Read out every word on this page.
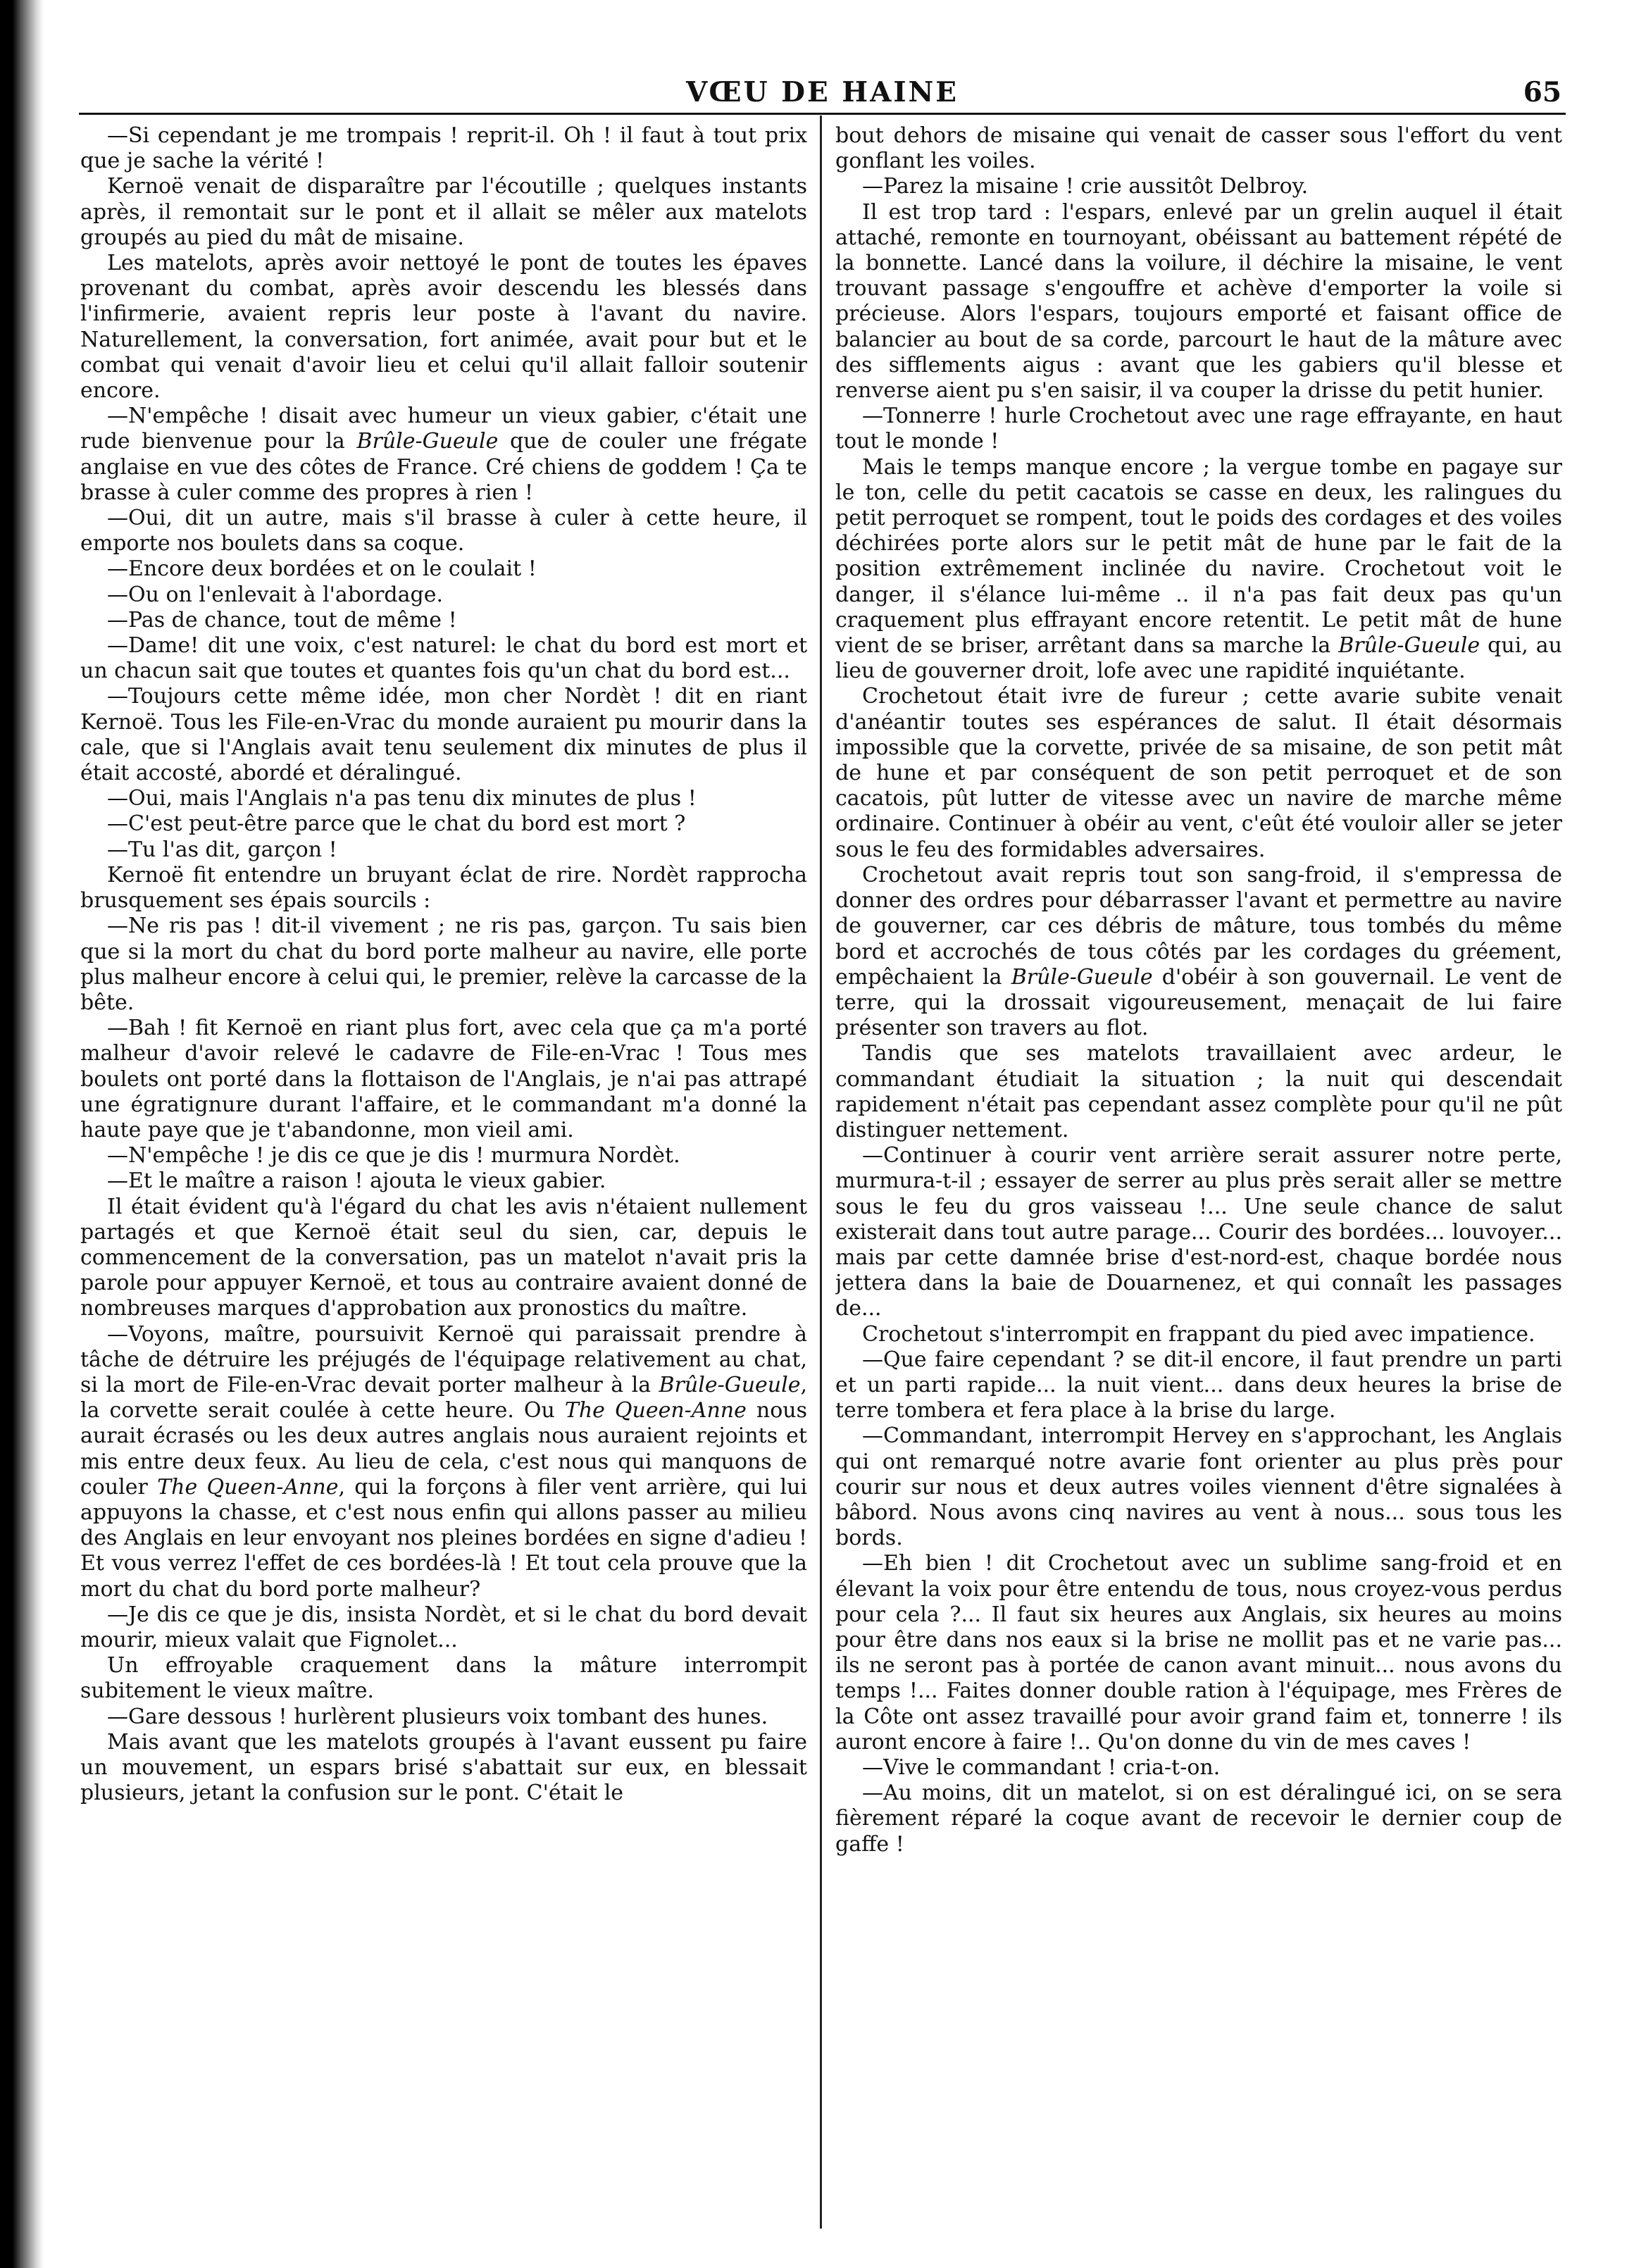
VŒU DE HAINE	65

—Si cependant je me trompais ! reprit-il. Oh ! il faut à tout prix que je sache la vérité !

Kernoë venait de disparaître par l'écoutille ; quelques instants après, il remontait sur le pont et il allait se mêler aux matelots groupés au pied du mât de misaine.

Les matelots, après avoir nettoyé le pont de toutes les épaves provenant du combat, après avoir descendu les blessés dans l'infirmerie, avaient repris leur poste à l'avant du navire. Naturellement, la conversation, fort animée, avait pour but et le combat qui venait d'avoir lieu et celui qu'il allait falloir soutenir encore.

—N'empêche ! disait avec humeur un vieux gabier, c'était une rude bienvenue pour la Brûle-Gueule que de couler une frégate anglaise en vue des côtes de France. Cré chiens de goddem ! Ça te brasse à culer comme des propres à rien !

—Oui, dit un autre, mais s'il brasse à culer à cette heure, il emporte nos boulets dans sa coque.

—Encore deux bordées et on le coulait !

—Ou on l'enlevait à l'abordage.

—Pas de chance, tout de même !

—Dame! dit une voix, c'est naturel: le chat du bord est mort et un chacun sait que toutes et quantes fois qu'un chat du bord est...

—Toujours cette même idée, mon cher Nordèt ! dit en riant Kernoë. Tous les File-en-Vrac du monde auraient pu mourir dans la cale, que si l'Anglais avait tenu seulement dix minutes de plus il était accosté, abordé et déralingué.

—Oui, mais l'Anglais n'a pas tenu dix minutes de plus !

—C'est peut-être parce que le chat du bord est mort ?

—Tu l'as dit, garçon !

Kernoë fit entendre un bruyant éclat de rire. Nordèt rapprocha brusquement ses épais sourcils :

—Ne ris pas ! dit-il vivement ; ne ris pas, garçon. Tu sais bien que si la mort du chat du bord porte malheur au navire, elle porte plus malheur encore à celui qui, le premier, relève la carcasse de la bête.

—Bah ! fit Kernoë en riant plus fort, avec cela que ça m'a porté malheur d'avoir relevé le cadavre de File-en-Vrac ! Tous mes boulets ont porté dans la flottaison de l'Anglais, je n'ai pas attrapé une égratignure durant l'affaire, et le commandant m'a donné la haute paye que je t'abandonne, mon vieil ami.

—N'empêche ! je dis ce que je dis ! murmura Nordèt.

—Et le maître a raison ! ajouta le vieux gabier.

Il était évident qu'à l'égard du chat les avis n'étaient nullement partagés et que Kernoë était seul du sien, car, depuis le commencement de la conversation, pas un matelot n'avait pris la parole pour appuyer Kernoë, et tous au contraire avaient donné de nombreuses marques d'approbation aux pronostics du maître.

—Voyons, maître, poursuivit Kernoë qui paraissait prendre à tâche de détruire les préjugés de l'équipage relativement au chat, si la mort de File-en-Vrac devait porter malheur à la Brûle-Gueule, la corvette serait coulée à cette heure. Ou The Queen-Anne nous aurait écrasés ou les deux autres anglais nous auraient rejoints et mis entre deux feux. Au lieu de cela, c'est nous qui manquons de couler The Queen-Anne, qui la forçons à filer vent arrière, qui lui appuyons la chasse, et c'est nous enfin qui allons passer au milieu des Anglais en leur envoyant nos pleines bordées en signe d'adieu ! Et vous verrez l'effet de ces bordées-là ! Et tout cela prouve que la mort du chat du bord porte malheur?

—Je dis ce que je dis, insista Nordèt, et si le chat du bord devait mourir, mieux valait que Fignolet...

Un effroyable craquement dans la mâture interrompit subitement le vieux maître.

—Gare dessous ! hurlèrent plusieurs voix tombant des hunes.

Mais avant que les matelots groupés à l'avant eussent pu faire un mouvement, un espars brisé s'abattait sur eux, en blessait plusieurs, jetant la confusion sur le pont. C'était le

bout dehors de misaine qui venait de casser sous l'effort du vent gonflant les voiles.

—Parez la misaine ! crie aussitôt Delbroy.

Il est trop tard : l'espars, enlevé par un grelin auquel il était attaché, remonte en tournoyant, obéissant au battement répété de la bonnette. Lancé dans la voilure, il déchire la misaine, le vent trouvant passage s'engouffre et achève d'emporter la voile si précieuse. Alors l'espars, toujours emporté et faisant office de balancier au bout de sa corde, parcourt le haut de la mâture avec des sifflements aigus : avant que les gabiers qu'il blesse et renverse aient pu s'en saisir, il va couper la drisse du petit hunier.

—Tonnerre ! hurle Crochetout avec une rage effrayante, en haut tout le monde !

Mais le temps manque encore ; la vergue tombe en pagaye sur le ton, celle du petit cacatois se casse en deux, les ralingues du petit perroquet se rompent, tout le poids des cordages et des voiles déchirées porte alors sur le petit mât de hune par le fait de la position extrêmement inclinée du navire. Crochetout voit le danger, il s'élance lui-même .. il n'a pas fait deux pas qu'un craquement plus effrayant encore retentit. Le petit mât de hune vient de se briser, arrêtant dans sa marche la Brûle-Gueule qui, au lieu de gouverner droit, lofe avec une rapidité inquiétante.

Crochetout était ivre de fureur ; cette avarie subite venait d'anéantir toutes ses espérances de salut. Il était désormais impossible que la corvette, privée de sa misaine, de son petit mât de hune et par conséquent de son petit perroquet et de son cacatois, pût lutter de vitesse avec un navire de marche même ordinaire. Continuer à obéir au vent, c'eût été vouloir aller se jeter sous le feu des formidables adversaires.

Crochetout avait repris tout son sang-froid, il s'empressa de donner des ordres pour débarrasser l'avant et permettre au navire de gouverner, car ces débris de mâture, tous tombés du même bord et accrochés de tous côtés par les cordages du gréement, empêchaient la Brûle-Gueule d'obéir à son gouvernail. Le vent de terre, qui la drossait vigoureusement, menaçait de lui faire présenter son travers au flot.

Tandis que ses matelots travaillaient avec ardeur, le commandant étudiait la situation ; la nuit qui descendait rapidement n'était pas cependant assez complète pour qu'il ne pût distinguer nettement.

—Continuer à courir vent arrière serait assurer notre perte, murmura-t-il ; essayer de serrer au plus près serait aller se mettre sous le feu du gros vaisseau !... Une seule chance de salut existerait dans tout autre parage... Courir des bordées... louvoyer... mais par cette damnée brise d'est-nord-est, chaque bordée nous jettera dans la baie de Douarnenez, et qui connaît les passages de...

Crochetout s'interrompit en frappant du pied avec impatience.

—Que faire cependant ? se dit-il encore, il faut prendre un parti et un parti rapide... la nuit vient... dans deux heures la brise de terre tombera et fera place à la brise du large.

—Commandant, interrompit Hervey en s'approchant, les Anglais qui ont remarqué notre avarie font orienter au plus près pour courir sur nous et deux autres voiles viennent d'être signalées à bâbord. Nous avons cinq navires au vent à nous... sous tous les bords.

—Eh bien ! dit Crochetout avec un sublime sang-froid et en élevant la voix pour être entendu de tous, nous croyez-vous perdus pour cela ?... Il faut six heures aux Anglais, six heures au moins pour être dans nos eaux si la brise ne mollit pas et ne varie pas... ils ne seront pas à portée de canon avant minuit... nous avons du temps !... Faites donner double ration à l'équipage, mes Frères de la Côte ont assez travaillé pour avoir grand faim et, tonnerre ! ils auront encore à faire !.. Qu'on donne du vin de mes caves !

—Vive le commandant ! cria-t-on.

—Au moins, dit un matelot, si on est déralingué ici, on se sera fièrement réparé la coque avant de recevoir le dernier coup de gaffe !
